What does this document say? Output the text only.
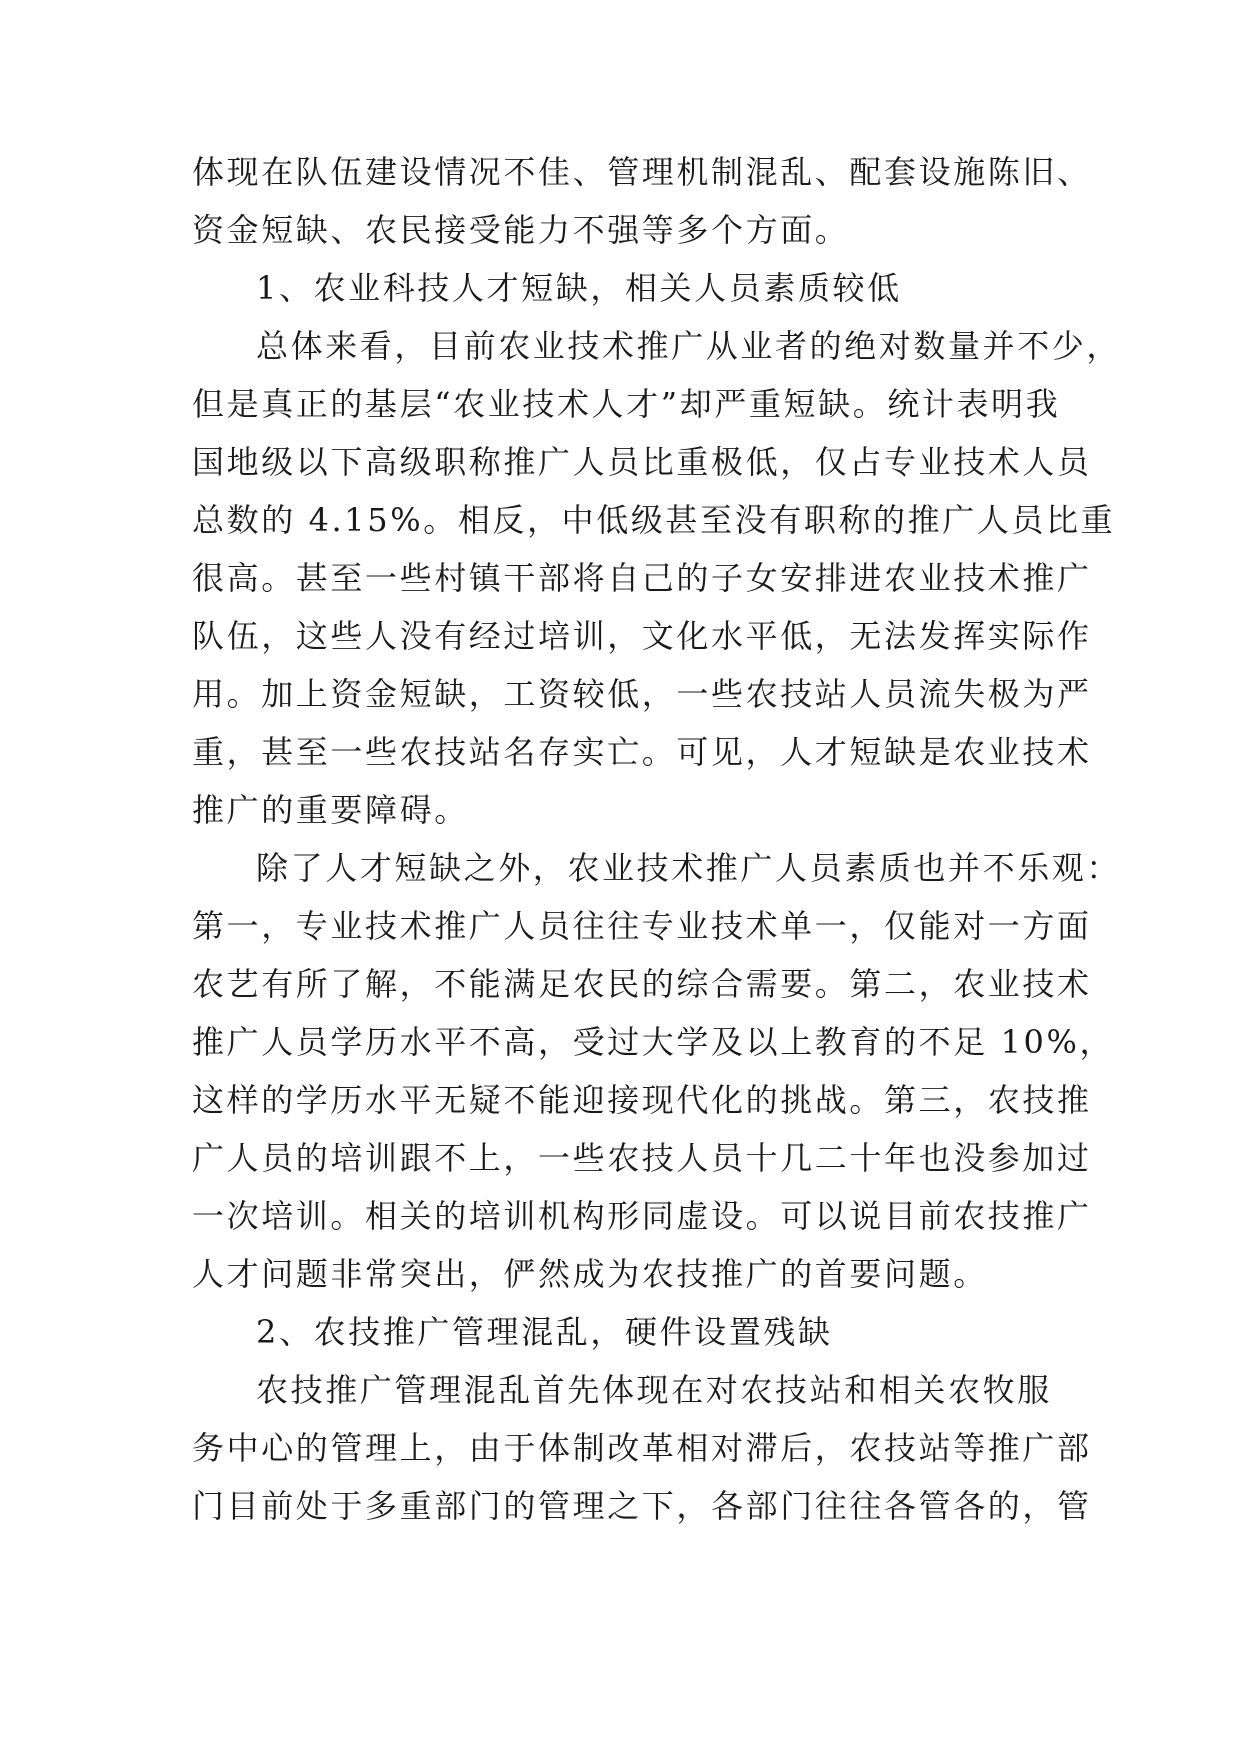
体现在队伍建设情况不佳、管理机制混乱、配套设施陈旧、
资金短缺、农民接受能力不强等多个方面。
1、农业科技人才短缺，相关人员素质较低
总体来看，目前农业技术推广从业者的绝对数量并不少，
但是真正的基层“农业技术人才”却严重短缺。统计表明我
国地级以下高级职称推广人员比重极低，仅占专业技术人员
总数的 4.15%。相反，中低级甚至没有职称的推广人员比重
很高。甚至一些村镇干部将自己的子女安排进农业技术推广
队伍，这些人没有经过培训，文化水平低，无法发挥实际作
用。加上资金短缺，工资较低，一些农技站人员流失极为严
重，甚至一些农技站名存实亡。可见，人才短缺是农业技术
推广的重要障碍。
除了人才短缺之外，农业技术推广人员素质也并不乐观：
第一，专业技术推广人员往往专业技术单一，仅能对一方面
农艺有所了解，不能满足农民的综合需要。第二，农业技术
推广人员学历水平不高，受过大学及以上教育的不足 10%，
这样的学历水平无疑不能迎接现代化的挑战。第三，农技推
广人员的培训跟不上，一些农技人员十几二十年也没参加过
一次培训。相关的培训机构形同虚设。可以说目前农技推广
人才问题非常突出，俨然成为农技推广的首要问题。
2、农技推广管理混乱，硬件设置残缺
农技推广管理混乱首先体现在对农技站和相关农牧服
务中心的管理上，由于体制改革相对滞后，农技站等推广部
门目前处于多重部门的管理之下，各部门往往各管各的，管
